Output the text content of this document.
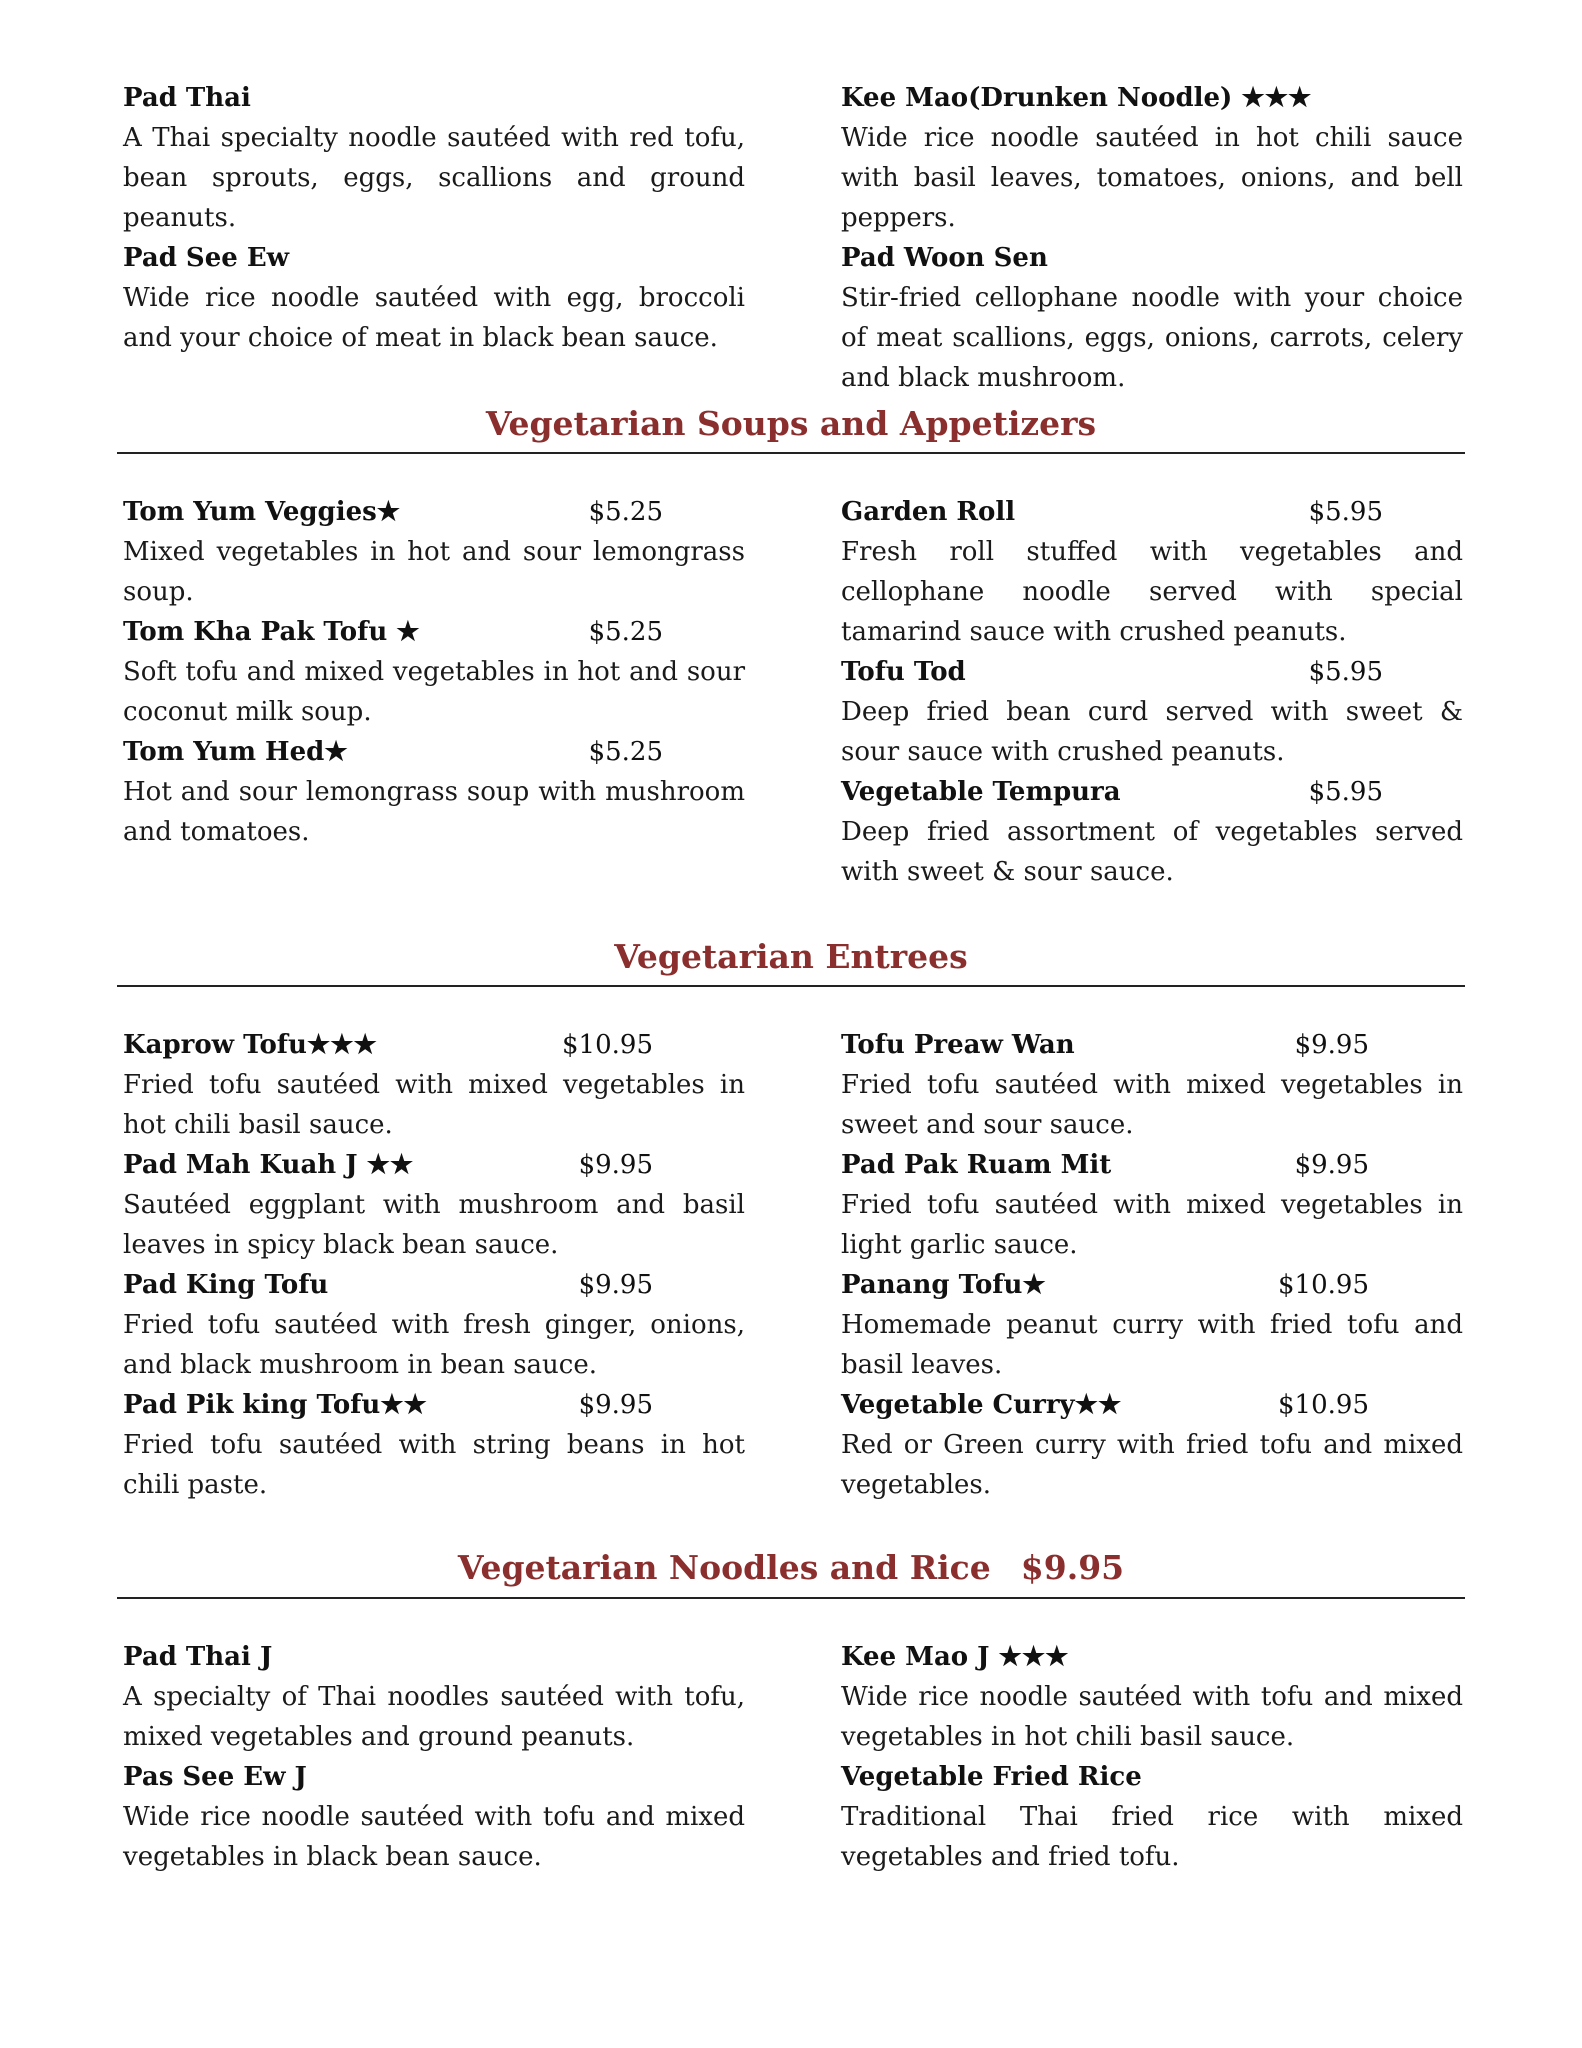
Pad Thai

A Thai specialty noodle sautéed with red tofu, bean sprouts, eggs, scallions and ground peanuts.

Pad See Ew

Wide rice noodle sautéed with egg, broccoli and your choice of meat in black bean sauce.

Kee Mao(Drunken Noodle) ★★★

Wide rice noodle sautéed in hot chili sauce with basil leaves, tomatoes, onions, and bell peppers.

Pad Woon Sen

Stir-fried cellophane noodle with your choice of meat scallions, eggs, onions, carrots, celery and black mushroom.

Vegetarian Soups and Appetizers
Tom Yum Veggies★	$5.25

Mixed vegetables in hot and sour lemongrass soup.

Tom Kha Pak Tofu ★	$5.25

Soft tofu and mixed vegetables in hot and sour coconut milk soup.

Tom Yum Hed★	$5.25

Hot and sour lemongrass soup with mushroom and tomatoes.

Garden Roll	$5.95

Fresh roll stuffed with vegetables and cellophane noodle served with special tamarind sauce with crushed peanuts.

Tofu Tod	$5.95

Deep fried bean curd served with sweet & sour sauce with crushed peanuts.

Vegetable Tempura	$5.95

Deep fried assortment of vegetables served with sweet & sour sauce.

Vegetarian Entrees
Kaprow Tofu★★★	$10.95

Fried tofu sautéed with mixed vegetables in hot chili basil sauce.

Pad Mah Kuah J ★★	$9.95

Sautéed eggplant with mushroom and basil leaves in spicy black bean sauce.

Pad King Tofu	$9.95

Fried tofu sautéed with fresh ginger, onions, and black mushroom in bean sauce.

Pad Pik king Tofu★★	$9.95

Fried tofu sautéed with string beans in hot chili paste.

Tofu Preaw Wan	$9.95

Fried tofu sautéed with mixed vegetables in sweet and sour sauce.

Pad Pak Ruam Mit	$9.95

Fried tofu sautéed with mixed vegetables in light garlic sauce.

Panang Tofu★	$10.95

Homemade peanut curry with fried tofu and basil leaves.

Vegetable Curry★★	$10.95

Red or Green curry with fried tofu and mixed vegetables.

Vegetarian Noodles and Rice $9.95
Pad Thai J

A specialty of Thai noodles sautéed with tofu, mixed vegetables and ground peanuts.

Pas See Ew J

Wide rice noodle sautéed with tofu and mixed vegetables in black bean sauce.

Kee Mao J ★★★

Wide rice noodle sautéed with tofu and mixed vegetables in hot chili basil sauce.

Vegetable Fried Rice

Traditional Thai fried rice with mixed vegetables and fried tofu.
